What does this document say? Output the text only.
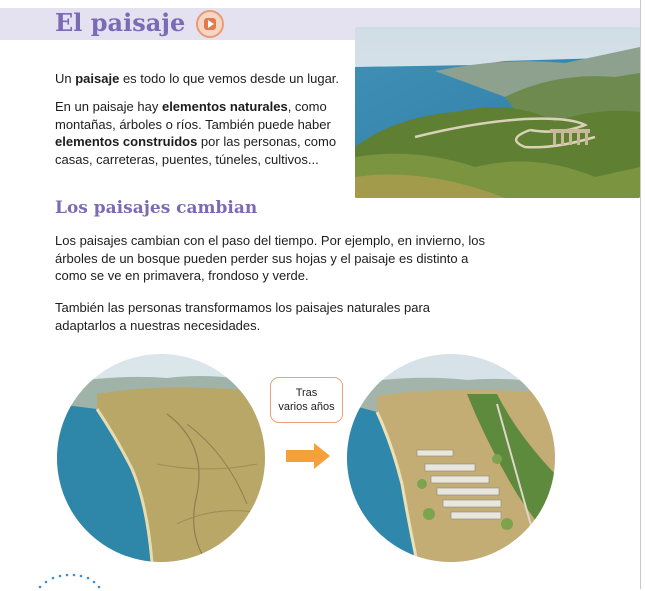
El paisaje

Un paisaje es todo lo que vemos desde un lugar.

En un paisaje hay elementos naturales, como montañas, árboles o ríos. También puede haber elementos construidos por las personas, como casas, carreteras, puentes, túneles, cultivos...

Los paisajes cambian

Los paisajes cambian con el paso del tiempo. Por ejemplo, en invierno, los árboles de un bosque pueden perder sus hojas y el paisaje es distinto a como se ve en primavera, frondoso y verde.

También las personas transformamos los paisajes naturales para adaptarlos a nuestras necesidades.

Tras
varios años
